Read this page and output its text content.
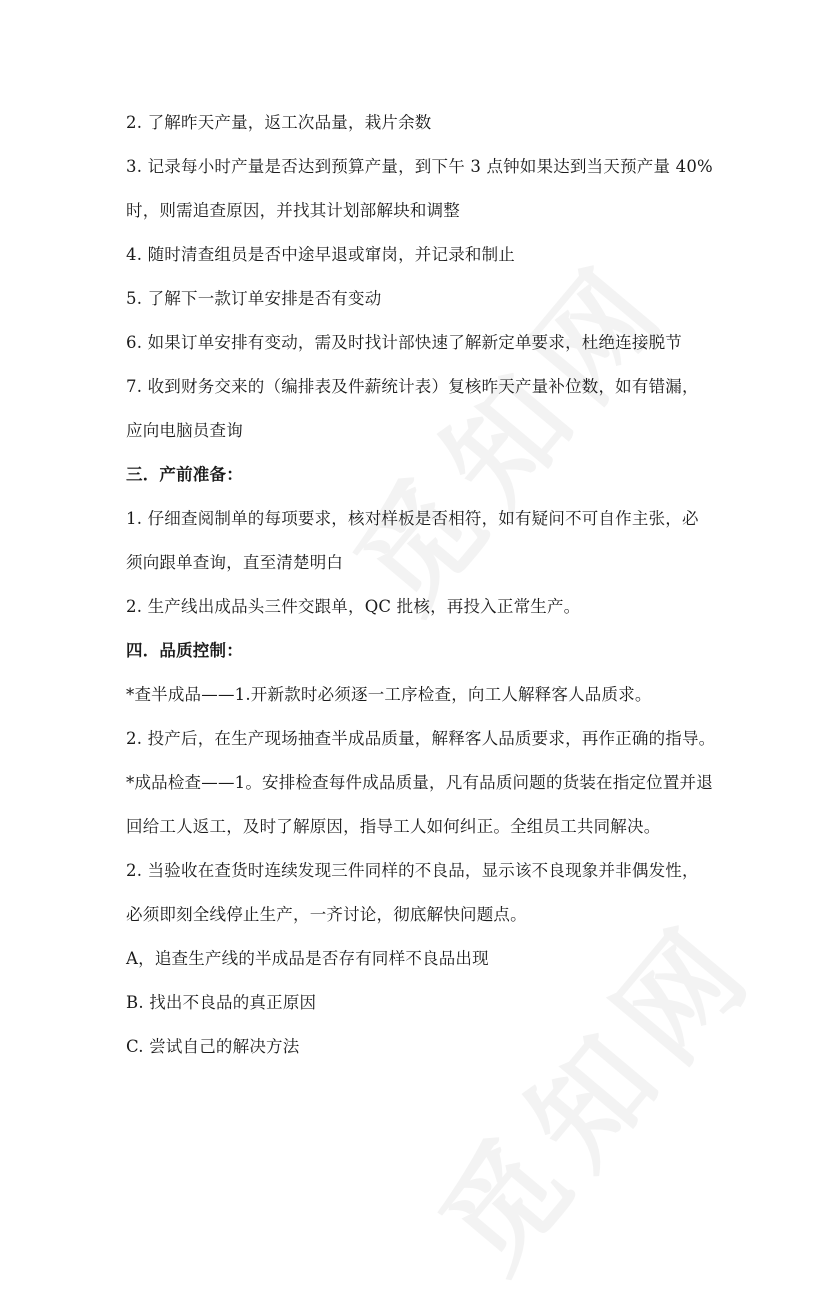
2. 了解昨天产量，返工次品量，栽片余数
3. 记录每小时产量是否达到预算产量，到下午 3 点钟如果达到当天预产量 40%
时，则需追查原因，并找其计划部解块和调整
4. 随时清查组员是否中途早退或窜岗，并记录和制止
5. 了解下一款订单安排是否有变动
6. 如果订单安排有变动，需及时找计部快速了解新定单要求，杜绝连接脱节
7. 收到财务交来的（编排表及件薪统计表）复核昨天产量补位数，如有错漏，
应向电脑员查询
三．产前准备：
1. 仔细查阅制单的每项要求，核对样板是否相符，如有疑问不可自作主张，必
须向跟单查询，直至清楚明白
2. 生产线出成品头三件交跟单，QC 批核，再投入正常生产。
四．品质控制：
*查半成品——1.开新款时必须逐一工序检查，向工人解释客人品质求。
2. 投产后，在生产现场抽查半成品质量，解释客人品质要求，再作正确的指导。
*成品检查——1。安排检查每件成品质量，凡有品质问题的货装在指定位置并退
回给工人返工，及时了解原因，指导工人如何纠正。全组员工共同解决。
2. 当验收在查货时连续发现三件同样的不良品，显示该不良现象并非偶发性，
必须即刻全线停止生产，一齐讨论，彻底解快问题点。
A，追查生产线的半成品是否存有同样不良品出现
B. 找出不良品的真正原因
C. 尝试自己的解决方法
